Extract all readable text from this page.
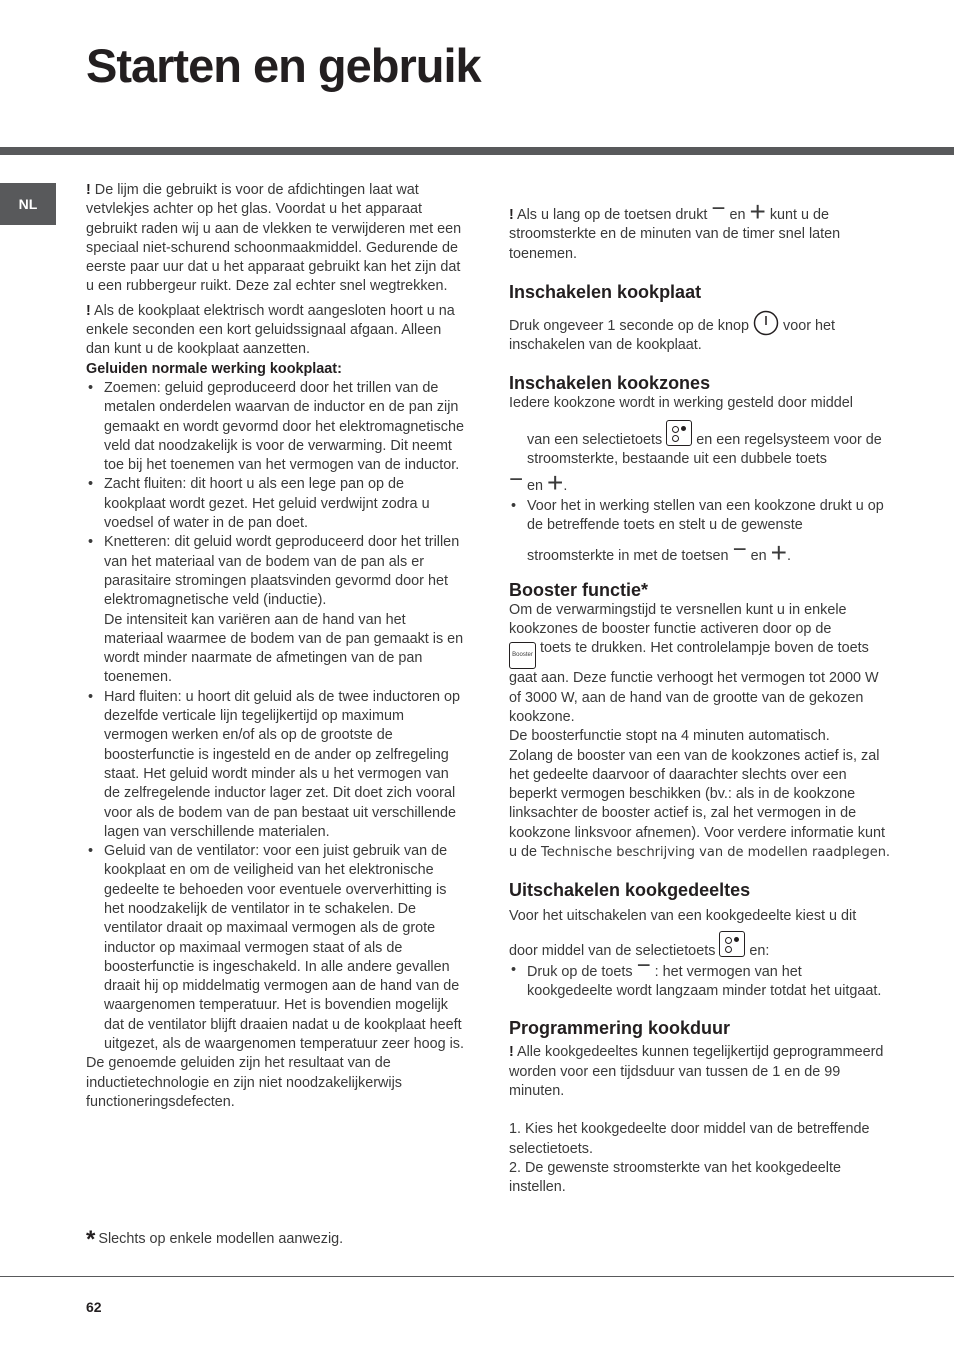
Starten en gebruik
NL

! De lijm die gebruikt is voor de afdichtingen laat wat vetvlekjes achter op het glas. Voordat u het apparaat gebruikt raden wij u aan de vlekken te verwijderen met een speciaal niet-schurend schoonmaakmiddel. Gedurende de eerste paar uur dat u het apparaat gebruikt kan het zijn dat u een rubbergeur ruikt. Deze zal echter snel wegtrekken.

! Als de kookplaat elektrisch wordt aangesloten hoort u na enkele seconden een kort geluidssignaal afgaan. Alleen dan kunt u de kookplaat aanzetten.

Geluiden normale werking kookplaat:

• Zoemen: geluid geproduceerd door het trillen van de metalen onderdelen waarvan de inductor en de pan zijn gemaakt en wordt gevormd door het elektromagnetische veld dat noodzakelijk is voor de verwarming. Dit neemt toe bij het toenemen van het vermogen van de inductor.
• Zacht fluiten: dit hoort u als een lege pan op de kookplaat wordt gezet. Het geluid verdwijnt zodra u voedsel of water in de pan doet.
• Knetteren: dit geluid wordt geproduceerd door het trillen van het materiaal van de bodem van de pan als er parasitaire stromingen plaatsvinden gevormd door het elektromagnetische veld (inductie).
De intensiteit kan variëren aan de hand van het materiaal waarmee de bodem van de pan gemaakt is en wordt minder naarmate de afmetingen van de pan toenemen.
• Hard fluiten: u hoort dit geluid als de twee inductoren op dezelfde verticale lijn tegelijkertijd op maximum vermogen werken en/of als op de grootste de boosterfunctie is ingesteld en de ander op zelfregeling staat. Het geluid wordt minder als u het vermogen van de zelfregelende inductor lager zet. Dit doet zich vooral voor als de bodem van de pan bestaat uit verschillende lagen van verschillende materialen.
• Geluid van de ventilator: voor een juist gebruik van de kookplaat en om de veiligheid van het elektronische gedeelte te behoeden voor eventuele oververhitting is het noodzakelijk de ventilator in te schakelen. De ventilator draait op maximaal vermogen als de grote inductor op maximaal vermogen staat of als de boosterfunctie is ingeschakeld. In alle andere gevallen draait hij op middelmatig vermogen aan de hand van de waargenomen temperatuur. Het is bovendien mogelijk dat de ventilator blijft draaien nadat u de kookplaat heeft uitgezet, als de waargenomen temperatuur zeer hoog is.

De genoemde geluiden zijn het resultaat van de inductietechnologie en zijn niet noodzakelijkerwijs functioneringsdefecten.

* Slechts op enkele modellen aanwezig.

! Als u lang op de toetsen drukt − en + kunt u de stroomsterkte en de minuten van de timer snel laten toenemen.

Inschakelen kookplaat

Druk ongeveer 1 seconde op de knop voor het inschakelen van de kookplaat.

Inschakelen kookzones

Iedere kookzone wordt in werking gesteld door middel

van een selectietoets en een regelsysteem voor de stroomsterkte, bestaande uit een dubbele toets

− en +.

• Voor het in werking stellen van een kookzone drukt u op de betreffende toets en stelt u de gewenste
stroomsterkte in met de toetsen − en +.
Booster functie*

Om de verwarmingstijd te versnellen kunt u in enkele kookzones de booster functie activeren door op de
Booster toets te drukken. Het controlelampje boven de toets gaat aan. Deze functie verhoogt het vermogen tot 2000 W of 3000 W, aan de hand van de grootte van de gekozen kookzone.

De boosterfunctie stopt na 4 minuten automatisch.

Zolang de booster van een van de kookzones actief is, zal het gedeelte daarvoor of daarachter slechts over een beperkt vermogen beschikken (bv.: als in de kookzone linksachter de booster actief is, zal het vermogen in de kookzone linksvoor afnemen). Voor verdere informatie kunt u de Technische beschrijving van de modellen raadplegen.

Uitschakelen kookgedeeltes

Voor het uitschakelen van een kookgedeelte kiest u dit

door middel van de selectietoets en:

• Druk op de toets − : het vermogen van het kookgedeelte wordt langzaam minder totdat het uitgaat.
Programmering kookduur

! Alle kookgedeeltes kunnen tegelijkertijd geprogrammeerd worden voor een tijdsduur van tussen de 1 en de 99 minuten.

1. Kies het kookgedeelte door middel van de betreffende selectietoets.

2. De gewenste stroomsterkte van het kookgedeelte instellen.

62
